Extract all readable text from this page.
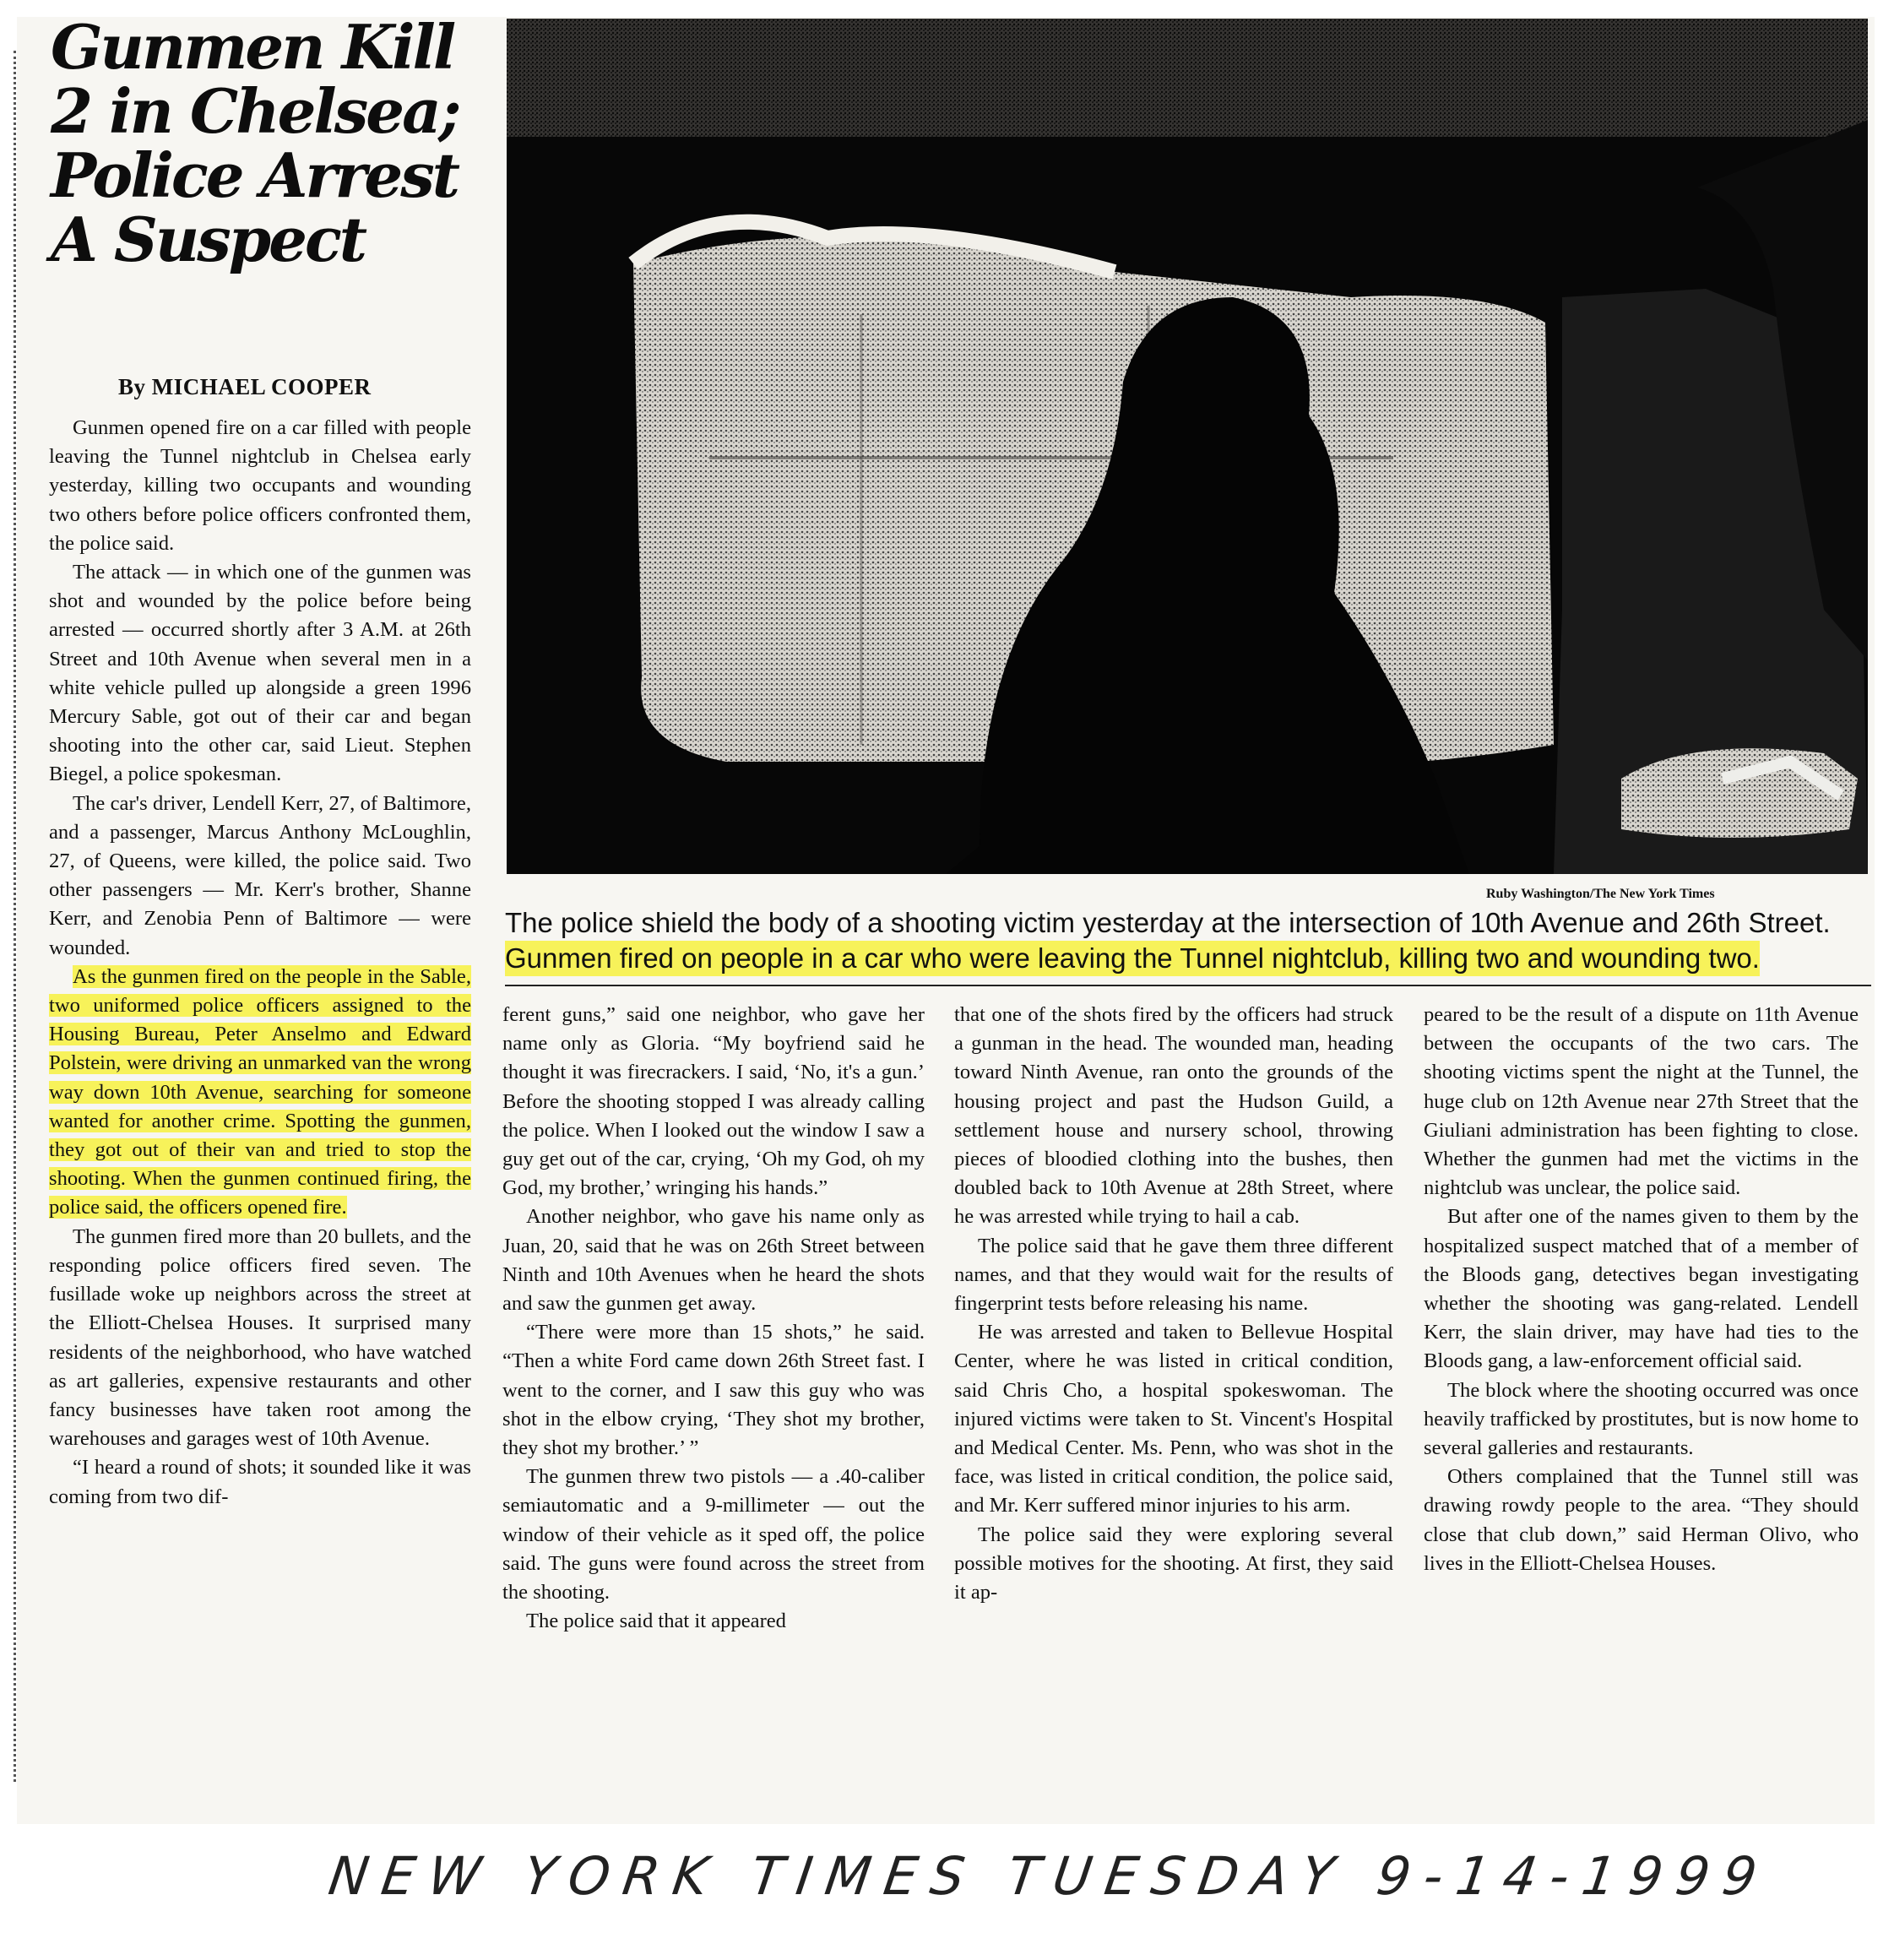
Gunmen Kill
2 in Chelsea;
Police Arrest
A Suspect
By MICHAEL COOPER

Gunmen opened fire on a car filled with people leaving the Tunnel nightclub in Chelsea early yesterday, killing two occupants and wounding two others before police officers confronted them, the police said.

The attack — in which one of the gunmen was shot and wounded by the police before being arrested — occurred shortly after 3 A.M. at 26th Street and 10th Avenue when several men in a white vehicle pulled up alongside a green 1996 Mercury Sable, got out of their car and began shooting into the other car, said Lieut. Stephen Biegel, a police spokesman.

The car's driver, Lendell Kerr, 27, of Baltimore, and a passenger, Marcus Anthony McLoughlin, 27, of Queens, were killed, the police said. Two other passengers — Mr. Kerr's brother, Shanne Kerr, and Zenobia Penn of Baltimore — were wounded.

As the gunmen fired on the people in the Sable, two uniformed police officers assigned to the Housing Bureau, Peter Anselmo and Edward Polstein, were driving an unmarked van the wrong way down 10th Avenue, searching for someone wanted for another crime. Spotting the gunmen, they got out of their van and tried to stop the shooting. When the gunmen continued firing, the police said, the officers opened fire.

The gunmen fired more than 20 bullets, and the responding police officers fired seven. The fusillade woke up neighbors across the street at the Elliott-Chelsea Houses. It surprised many residents of the neighborhood, who have watched as art galleries, expensive restaurants and other fancy businesses have taken root among the warehouses and garages west of 10th Avenue.

“I heard a round of shots; it sounded like it was coming from two dif-

Ruby Washington/The New York Times
The police shield the body of a shooting victim yesterday at the intersection of 10th Avenue and 26th Street.
Gunmen fired on people in a car who were leaving the Tunnel nightclub, killing two and wounding two.

ferent guns,” said one neighbor, who gave her name only as Gloria. “My boyfriend said he thought it was firecrackers. I said, ‘No, it's a gun.’ Before the shooting stopped I was already calling the police. When I looked out the window I saw a guy get out of the car, crying, ‘Oh my God, oh my God, my brother,’ wringing his hands.”

Another neighbor, who gave his name only as Juan, 20, said that he was on 26th Street between Ninth and 10th Avenues when he heard the shots and saw the gunmen get away.

“There were more than 15 shots,” he said. “Then a white Ford came down 26th Street fast. I went to the corner, and I saw this guy who was shot in the elbow crying, ‘They shot my brother, they shot my brother.’ ”

The gunmen threw two pistols — a .40-caliber semiautomatic and a 9-millimeter — out the window of their vehicle as it sped off, the police said. The guns were found across the street from the shooting.

The police said that it appeared

that one of the shots fired by the officers had struck a gunman in the head. The wounded man, heading toward Ninth Avenue, ran onto the grounds of the housing project and past the Hudson Guild, a settlement house and nursery school, throwing pieces of bloodied clothing into the bushes, then doubled back to 10th Avenue at 28th Street, where he was arrested while trying to hail a cab.

The police said that he gave them three different names, and that they would wait for the results of fingerprint tests before releasing his name.

He was arrested and taken to Bellevue Hospital Center, where he was listed in critical condition, said Chris Cho, a hospital spokeswoman. The injured victims were taken to St. Vincent's Hospital and Medical Center. Ms. Penn, who was shot in the face, was listed in critical condition, the police said, and Mr. Kerr suffered minor injuries to his arm.

The police said they were exploring several possible motives for the shooting. At first, they said it ap-

peared to be the result of a dispute on 11th Avenue between the occupants of the two cars. The shooting victims spent the night at the Tunnel, the huge club on 12th Avenue near 27th Street that the Giuliani administration has been fighting to close. Whether the gunmen had met the victims in the nightclub was unclear, the police said.

But after one of the names given to them by the hospitalized suspect matched that of a member of the Bloods gang, detectives began investigating whether the shooting was gang-related. Lendell Kerr, the slain driver, may have had ties to the Bloods gang, a law-enforcement official said.

The block where the shooting occurred was once heavily trafficked by prostitutes, but is now home to several galleries and restaurants.

Others complained that the Tunnel still was drawing rowdy people to the area. “They should close that club down,” said Herman Olivo, who lives in the Elliott-Chelsea Houses.

NEW YORK TIMES TUESDAY 9-14-1999
